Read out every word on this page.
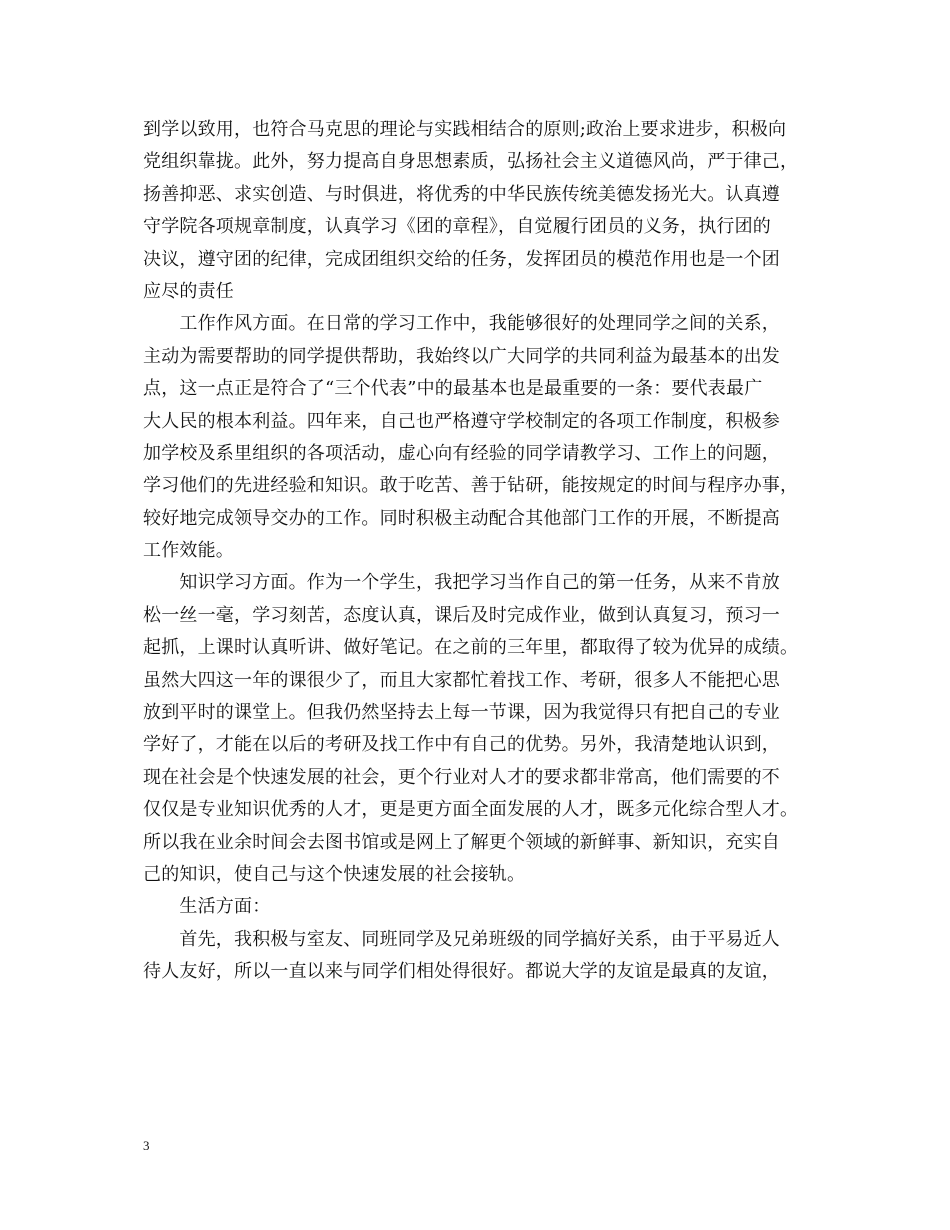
到学以致用，也符合马克思的理论与实践相结合的原则;政治上要求进步，积极向
党组织靠拢。此外，努力提高自身思想素质，弘扬社会主义道德风尚，严于律己，
扬善抑恶、求实创造、与时俱进，将优秀的中华民族传统美德发扬光大。认真遵
守学院各项规章制度，认真学习《团的章程》，自觉履行团员的义务，执行团的
决议，遵守团的纪律，完成团组织交给的任务，发挥团员的模范作用也是一个团
应尽的责任
　　工作作风方面。在日常的学习工作中，我能够很好的处理同学之间的关系，
主动为需要帮助的同学提供帮助，我始终以广大同学的共同利益为最基本的出发
点，这一点正是符合了“三个代表”中的最基本也是最重要的一条：要代表最广
大人民的根本利益。四年来，自己也严格遵守学校制定的各项工作制度，积极参
加学校及系里组织的各项活动，虚心向有经验的同学请教学习、工作上的问题，
学习他们的先进经验和知识。敢于吃苦、善于钻研，能按规定的时间与程序办事，
较好地完成领导交办的工作。同时积极主动配合其他部门工作的开展，不断提高
工作效能。
　　知识学习方面。作为一个学生，我把学习当作自己的第一任务，从来不肯放
松一丝一毫，学习刻苦，态度认真，课后及时完成作业，做到认真复习，预习一
起抓，上课时认真听讲、做好笔记。在之前的三年里，都取得了较为优异的成绩。
虽然大四这一年的课很少了，而且大家都忙着找工作、考研，很多人不能把心思
放到平时的课堂上。但我仍然坚持去上每一节课，因为我觉得只有把自己的专业
学好了，才能在以后的考研及找工作中有自己的优势。另外，我清楚地认识到，
现在社会是个快速发展的社会，更个行业对人才的要求都非常高，他们需要的不
仅仅是专业知识优秀的人才，更是更方面全面发展的人才，既多元化综合型人才。
所以我在业余时间会去图书馆或是网上了解更个领域的新鲜事、新知识，充实自
己的知识，使自己与这个快速发展的社会接轨。
　　生活方面：
　　首先，我积极与室友、同班同学及兄弟班级的同学搞好关系，由于平易近人
待人友好，所以一直以来与同学们相处得很好。都说大学的友谊是最真的友谊，
3
